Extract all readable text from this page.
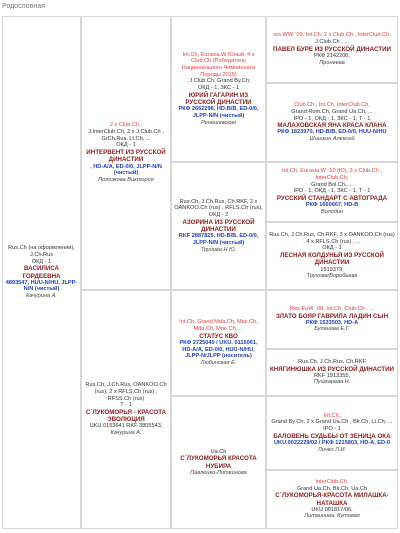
Родословная
Rus.Ch (на оформлении),
J.Ch.Rus
ОКД - 1
ВАСИЛИСА ГОРДЕЕВНА
4893547, HUU-N/HU, JLPP-N/N (чистый)
Качурина А.
2 x Club.Ch ,
J.InterClub.Ch, 2 x J.Club.Ch , GrCh.Rus, Lt.Ch, ...
ОКД - 1
ИНТЕРВЕНТ ИЗ РУССКОЙ ДИНАСТИИ
, HD-A/A, ED-0/0, JLPP-N/N (чистый)
Полозкова Виктория
Rus.Ch, J.Ch.Rus, OANKOO.Ch (rus), 2 x RFLS.Ch (rus) , RFSS.Ch (rus)
T - 1
С`ЛУКОМОРЬЯ - КРАСОТА ЭВОЛЮЦИЯ
UKU.0153641 RKF 3805543,
Качурина А.
Int.Ch, Eurasia.W Юный, 4 x Club.Ch (Победитель Национального Чемпионата Породы 2015)
, J.Club.Ch, Grand By.Ch,
ОКД - 1, ЗКС - 1
ЮРИЙ ГАГАРИН ИЗ РУССКОЙ ДИНАСТИИ
РКФ 2662298, HD-B/B, ED-0/0, JLPP-N/N (чистый)
Ренешевская
Rus.Ch, J.Ch.Rus, Ch.RKF, 2 x OANKOO.Ch (rus) , RFLS.Ch (rus),
ОКД - 2
АЗОРИНА ИЗ РУССКОЙ ДИНАСТИИ
RKF 2887825, HD-B/B, ED-0/0, JLPP-N/N (чистый)
Трунова Н.Ю.
Int.Ch, Grand Mda.Ch, Mac.Ch, Mda.Ch, Mne.Ch, ...
СТАТУС КВО
РКФ 2725040 / UKU. 0115061, HD-A/A, ED-0/0, HUU-N/HU, JLPP-N/JLPP (носитель)
Любинская Е.
Ua.Ch
С`ЛУКОМОРЬЯ КРАСОТА НУБИРА
Павленко-Литвинова
res.WW `09, Int.Ch, 2 x Club.Ch , InterClub.Ch,
J.Club.Ch , ...
ПАВЕЛ БУРЕ ИЗ РУССКОЙ ДИНАСТИИ
РКФ 2142200,
Пронеева
Club.Ch , Int.Ch, InterClub.Ch,
Grand Rom.Ch, Grand Ua.Ch, ...
IPO - 1, ОКД - 1, ЗКС - 1, Т - 1
МАЛАХОВСКАЯ ЯНА КРАСА КЛАНА
РКФ 1823970, HD-B/B, ED-0/0, HUU-N/HU
Шишкин Алексей
Int.Ch, Eurasia.W `10 (Ю), 3 x Club.Ch , InterClub.Ch,
Grand Bol.Ch, ...
IPO - 1, ОКД - 1, ЗКС - 1, Т - 1
РУССКИЙ СТАНДАРТ С АВТОГРАДА
РКФ 1660667, HD-B
Володин
Rus.Ch, J.Ch.Rus, Ch.RKF, 3 x OANKOO.Ch (rus) , 4 x RFLS.Ch (rus) , ...
ОКД - 1
ЛЕСНАЯ КОЛДУНЬЯ ИЗ РУССКОЙ ДИНАСТИИ
1519379,
Трунова/Воробьева
Res.EuW `08, Int.Ch, Club.Ch , ...
ЗЛАТО БОЯР ГАВРИЛА ЛАДИН СЫН
РКФ 1533503, HD-A
Буланова Е.Г.
Rus.Ch, J.Ch.Rus, Ch.RKF
КНЯГИНЮШКА ИЗ РУССКОЙ ДИНАСТИИ
RKF 1913355,
Пушкарева Н.
Int.Ch,
Grand By.Ch, 2 x Grand Ua.Ch , Blr.Ch, Lt.Ch, ...
IPO - 1
БАЛОВЕНЬ СУДЬБЫ ОТ ЗЕНИЦА ОКА
UKU.0022229/02 / РКФ 1215803, HD-A, ED-0
Личко Л.И.
InterClub.Ch,
Grand Ua.Ch, Blr.Ch, Ua.Ch
С`ЛУКОМОРЬЯ-КРАСОТА МИЛАШКА-НАТАШКА
UKU 001817/06,
Литвинова, Кутовая
